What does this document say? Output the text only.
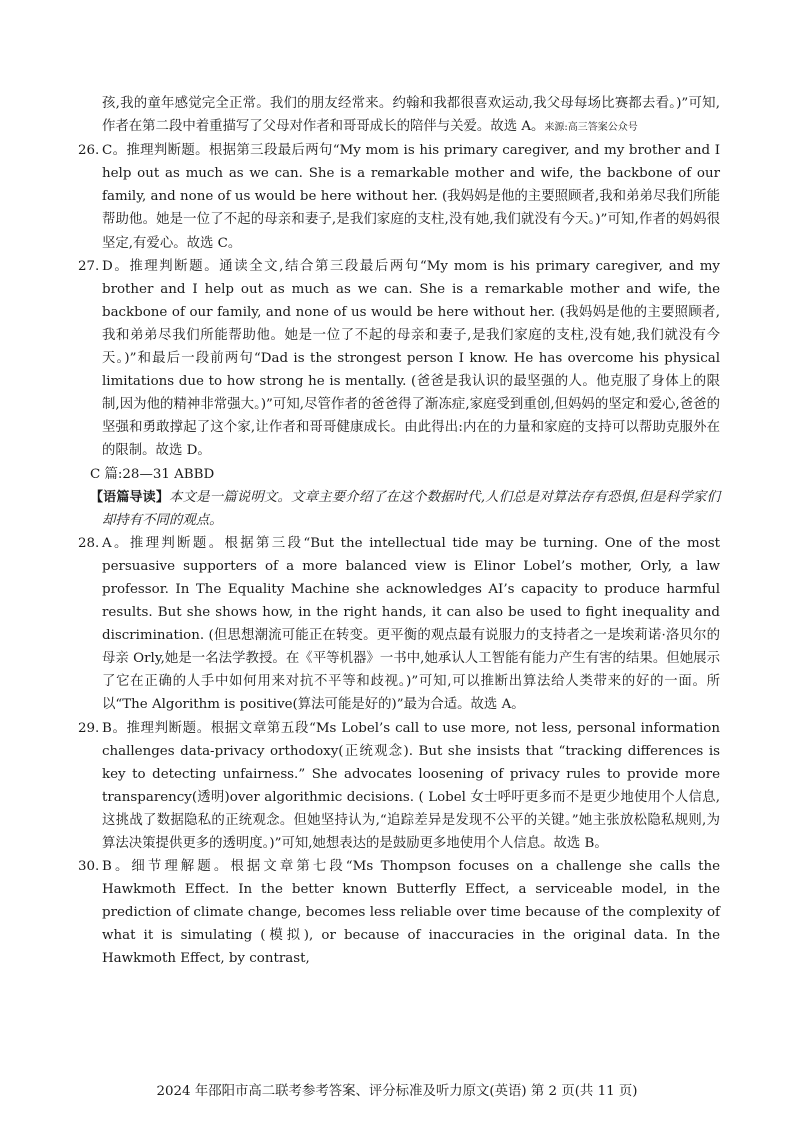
孩,我的童年感觉完全正常。我们的朋友经常来。约翰和我都很喜欢运动,我父母每场比赛都去看。)”可知,作者在第二段中着重描写了父母对作者和哥哥成长的陪伴与关爱。故选 A。来源:高三答案公众号

26. C。推理判断题。根据第三段最后两句“My mom is his primary caregiver, and my brother and I help out as much as we can. She is a remarkable mother and wife, the backbone of our family, and none of us would be here without her. (我妈妈是他的主要照顾者,我和弟弟尽我们所能帮助他。她是一位了不起的母亲和妻子,是我们家庭的支柱,没有她,我们就没有今天。)”可知,作者的妈妈很坚定,有爱心。故选 C。

27. D。推理判断题。通读全文,结合第三段最后两句“My mom is his primary caregiver, and my brother and I help out as much as we can. She is a remarkable mother and wife, the backbone of our family, and none of us would be here without her. (我妈妈是他的主要照顾者,我和弟弟尽我们所能帮助他。她是一位了不起的母亲和妻子,是我们家庭的支柱,没有她,我们就没有今天。)”和最后一段前两句“Dad is the strongest person I know. He has overcome his physical limitations due to how strong he is mentally. (爸爸是我认识的最坚强的人。他克服了身体上的限制,因为他的精神非常强大。)”可知,尽管作者的爸爸得了渐冻症,家庭受到重创,但妈妈的坚定和爱心,爸爸的坚强和勇敢撑起了这个家,让作者和哥哥健康成长。由此得出:内在的力量和家庭的支持可以帮助克服外在的限制。故选 D。

C 篇:28—31 ABBD

【语篇导读】本文是一篇说明文。文章主要介绍了在这个数据时代,人们总是对算法存有恐惧,但是科学家们却持有不同的观点。

28. A。推理判断题。根据第三段“But the intellectual tide may be turning. One of the most persuasive supporters of a more balanced view is Elinor Lobel’s mother, Orly, a law professor. In The Equality Machine she acknowledges AI’s capacity to produce harmful results. But she shows how, in the right hands, it can also be used to fight inequality and discrimination. (但思想潮流可能正在转变。更平衡的观点最有说服力的支持者之一是埃莉诺·洛贝尔的母亲 Orly,她是一名法学教授。在《平等机器》一书中,她承认人工智能有能力产生有害的结果。但她展示了它在正确的人手中如何用来对抗不平等和歧视。)”可知,可以推断出算法给人类带来的好的一面。所以“The Algorithm is positive(算法可能是好的)”最为合适。故选 A。

29. B。推理判断题。根据文章第五段“Ms Lobel’s call to use more, not less, personal information challenges data-privacy orthodoxy(正统观念). But she insists that “tracking differences is key to detecting unfairness.” She advocates loosening of privacy rules to provide more transparency(透明)over algorithmic decisions. ( Lobel 女士呼吁更多而不是更少地使用个人信息,这挑战了数据隐私的正统观念。但她坚持认为,“追踪差异是发现不公平的关键。”她主张放松隐私规则,为算法决策提供更多的透明度。)”可知,她想表达的是鼓励更多地使用个人信息。故选 B。

30. B。细节理解题。根据文章第七段“Ms Thompson focuses on a challenge she calls the Hawkmoth Effect. In the better known Butterfly Effect, a serviceable model, in the prediction of climate change, becomes less reliable over time because of the complexity of what it is simulating (模拟), or because of inaccuracies in the original data. In the Hawkmoth Effect, by contrast,

2024 年邵阳市高二联考参考答案、评分标准及听力原文(英语) 第 2 页(共 11 页)
